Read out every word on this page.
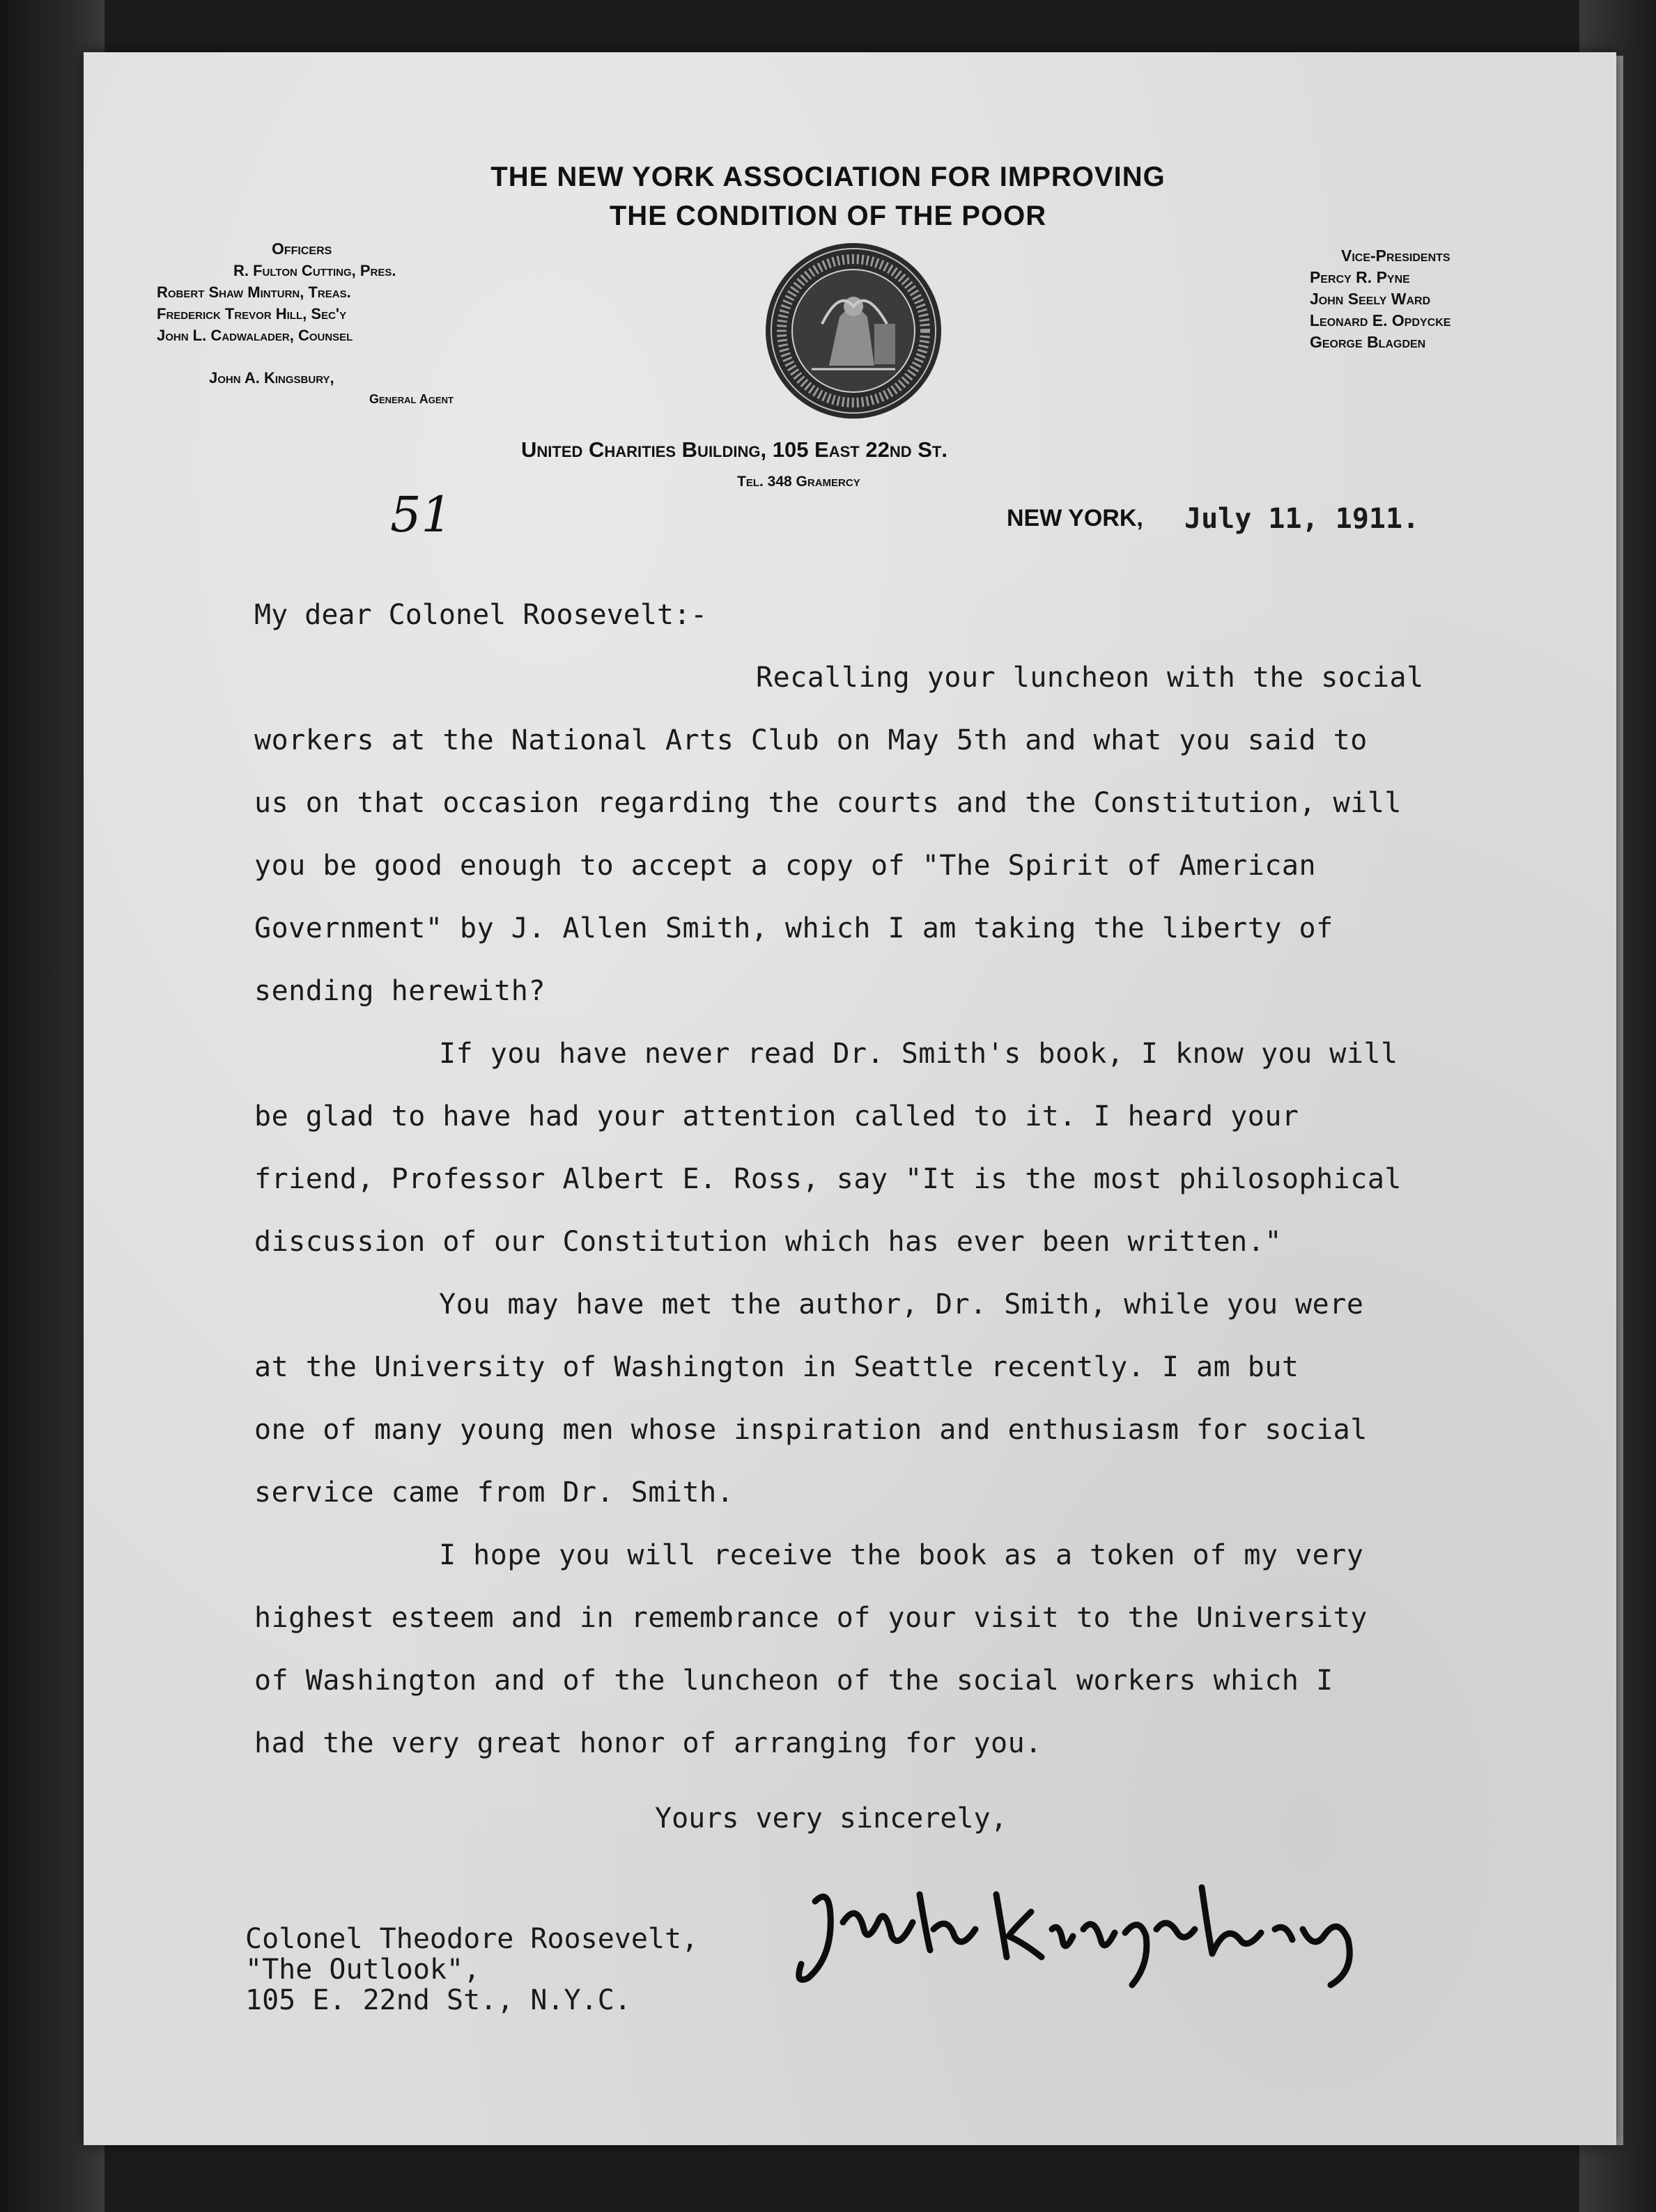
THE NEW YORK ASSOCIATION FOR IMPROVING
THE CONDITION OF THE POOR
Officers
R. Fulton Cutting, Pres.
Robert Shaw Minturn, Treas.
Frederick Trevor Hill, Sec'y
John L. Cadwalader, Counsel
John A. Kingsbury,
General Agent
Vice-Presidents
Percy R. Pyne
John Seely Ward
Leonard E. Opdycke
George Blagden
United Charities Building, 105 East 22nd St.
Tel. 348 Gramercy
51	NEW YORK, July 11, 1911.
My dear Colonel Roosevelt:-
Recalling your luncheon with the social
workers at the National Arts Club on May 5th and what you said to
us on that occasion regarding the courts and the Constitution, will
you be good enough to accept a copy of "The Spirit of American
Government" by J. Allen Smith, which I am taking the liberty of
sending herewith?
If you have never read Dr. Smith's book, I know you will
be glad to have had your attention called to it. I heard your
friend, Professor Albert E. Ross, say "It is the most philosophical
discussion of our Constitution which has ever been written."
You may have met the author, Dr. Smith, while you were
at the University of Washington in Seattle recently. I am but
one of many young men whose inspiration and enthusiasm for social
service came from Dr. Smith.
I hope you will receive the book as a token of my very
highest esteem and in remembrance of your visit to the University
of Washington and of the luncheon of the social workers which I
had the very great honor of arranging for you.
Yours very sincerely,
Colonel Theodore Roosevelt,
"The Outlook",
105 E. 22nd St., N.Y.C.
